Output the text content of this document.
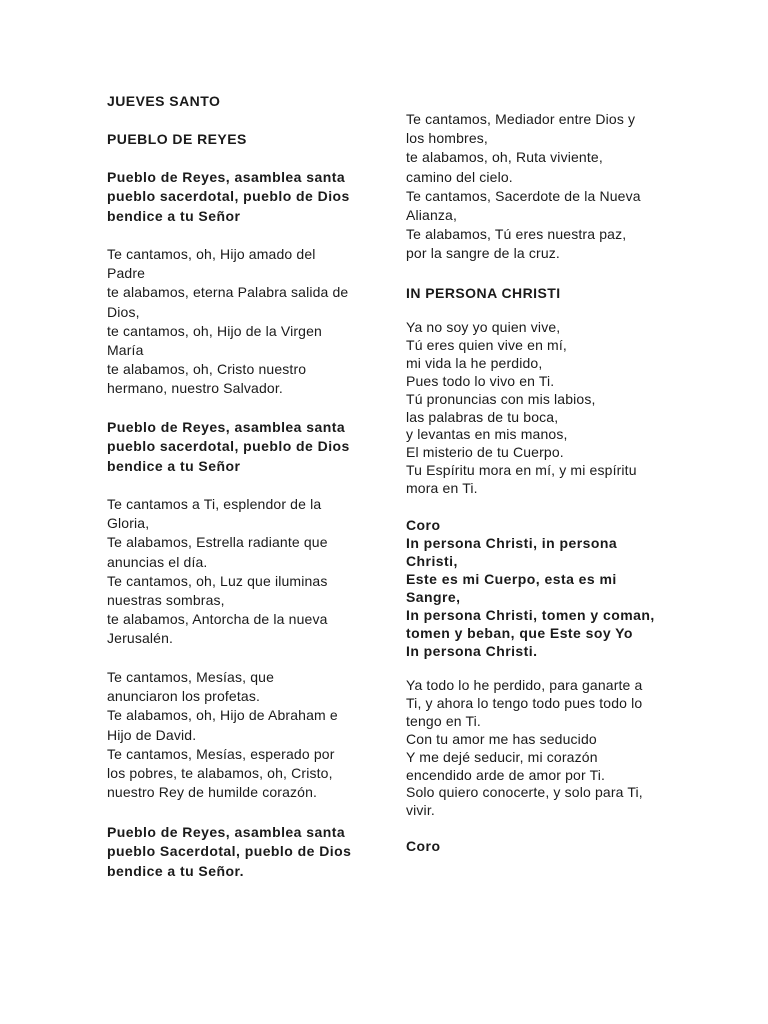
JUEVES SANTO
PUEBLO DE REYES
Pueblo de Reyes, asamblea santa
pueblo sacerdotal, pueblo de Dios
bendice a tu Señor
Te cantamos, oh, Hijo amado del
Padre
te alabamos, eterna Palabra salida de
Dios,
te cantamos, oh, Hijo de la Virgen
María
te alabamos, oh, Cristo nuestro
hermano, nuestro Salvador.
Pueblo de Reyes, asamblea santa
pueblo sacerdotal, pueblo de Dios
bendice a tu Señor
Te cantamos a Ti, esplendor de la
Gloria,
Te alabamos, Estrella radiante que
anuncias el día.
Te cantamos, oh, Luz que iluminas
nuestras sombras,
te alabamos, Antorcha de la nueva
Jerusalén.
Te cantamos, Mesías, que
anunciaron los profetas.
Te alabamos, oh, Hijo de Abraham e
Hijo de David.
Te cantamos, Mesías, esperado por
los pobres, te alabamos, oh, Cristo,
nuestro Rey de humilde corazón.
Pueblo de Reyes, asamblea santa
pueblo Sacerdotal, pueblo de Dios
bendice a tu Señor.
Te cantamos, Mediador entre Dios y
los hombres,
te alabamos, oh, Ruta viviente,
camino del cielo.
Te cantamos, Sacerdote de la Nueva
Alianza,
Te alabamos, Tú eres nuestra paz,
por la sangre de la cruz.
IN PERSONA CHRISTI
Ya no soy yo quien vive,
Tú eres quien vive en mí,
mi vida la he perdido,
Pues todo lo vivo en Ti.
Tú pronuncias con mis labios,
las palabras de tu boca,
y levantas en mis manos,
El misterio de tu Cuerpo.
Tu Espíritu mora en mí, y mi espíritu
mora en Ti.
Coro
In persona Christi, in persona
Christi,
Este es mi Cuerpo, esta es mi
Sangre,
In persona Christi, tomen y coman,
tomen y beban, que Este soy Yo
In persona Christi.
Ya todo lo he perdido, para ganarte a
Ti, y ahora lo tengo todo pues todo lo
tengo en Ti.
Con tu amor me has seducido
Y me dejé seducir, mi corazón
encendido arde de amor por Ti.
Solo quiero conocerte, y solo para Ti,
vivir.
Coro
